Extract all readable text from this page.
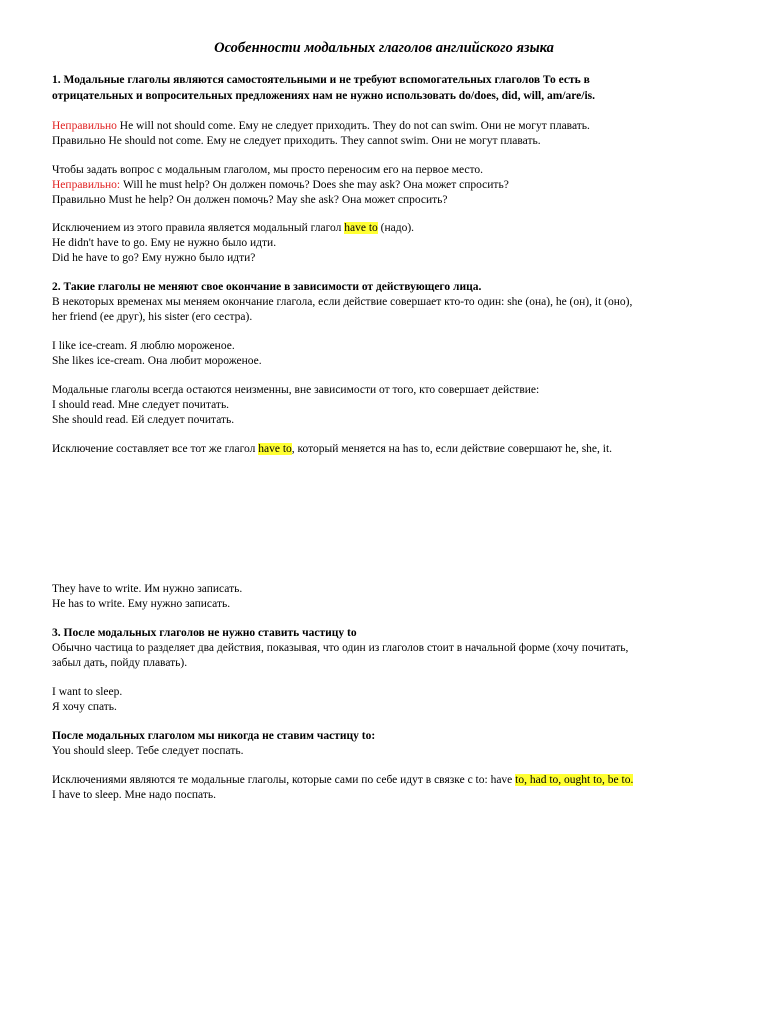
Особенности модальных глаголов английского языка
1. Модальные глаголы являются самостоятельными и не требуют вспомогательных глаголов То есть в
отрицательных и вопросительных предложениях нам не нужно использовать do/does, did, will, am/are/is.
Неправильно He will not should come. Ему не следует приходить. They do not can swim. Они не могут плавать.
Правильно He should not come. Ему не следует приходить. They cannot swim. Они не могут плавать.
Чтобы задать вопрос с модальным глаголом, мы просто переносим его на первое место.
Неправильно: Will he must help? Он должен помочь? Does she may ask? Она может спросить?
Правильно Must he help? Он должен помочь? May she ask? Она может спросить?
Исключением из этого правила является модальный глагол have to (надо).
He didn't have to go. Ему не нужно было идти.
Did he have to go? Ему нужно было идти?
2. Такие глаголы не меняют свое окончание в зависимости от действующего лица.
В некоторых временах мы меняем окончание глагола, если действие совершает кто-то один: she (она), he (он), it (оно),
her friend (ее друг), his sister (его сестра).
I like ice-cream. Я люблю мороженое.
She likes ice-cream. Она любит мороженое.
Модальные глаголы всегда остаются неизменны, вне зависимости от того, кто совершает действие:
I should read. Мне следует почитать.
She should read. Ей следует почитать.
Исключение составляет все тот же глагол have to, который меняется на has to, если действие совершают he, she, it.
They have to write. Им нужно записать.
He has to write. Ему нужно записать.
3. После модальных глаголов не нужно ставить частицу to
Обычно частица to разделяет два действия, показывая, что один из глаголов стоит в начальной форме (хочу почитать,
забыл дать, пойду плавать).
I want to sleep.
Я хочу спать.
После модальных глаголом мы никогда не ставим частицу to:
You should sleep. Тебе следует поспать.
Исключениями являются те модальные глаголы, которые сами по себе идут в связке с to: have to, had to, ought to, be to.
I have to sleep. Мне надо поспать.
